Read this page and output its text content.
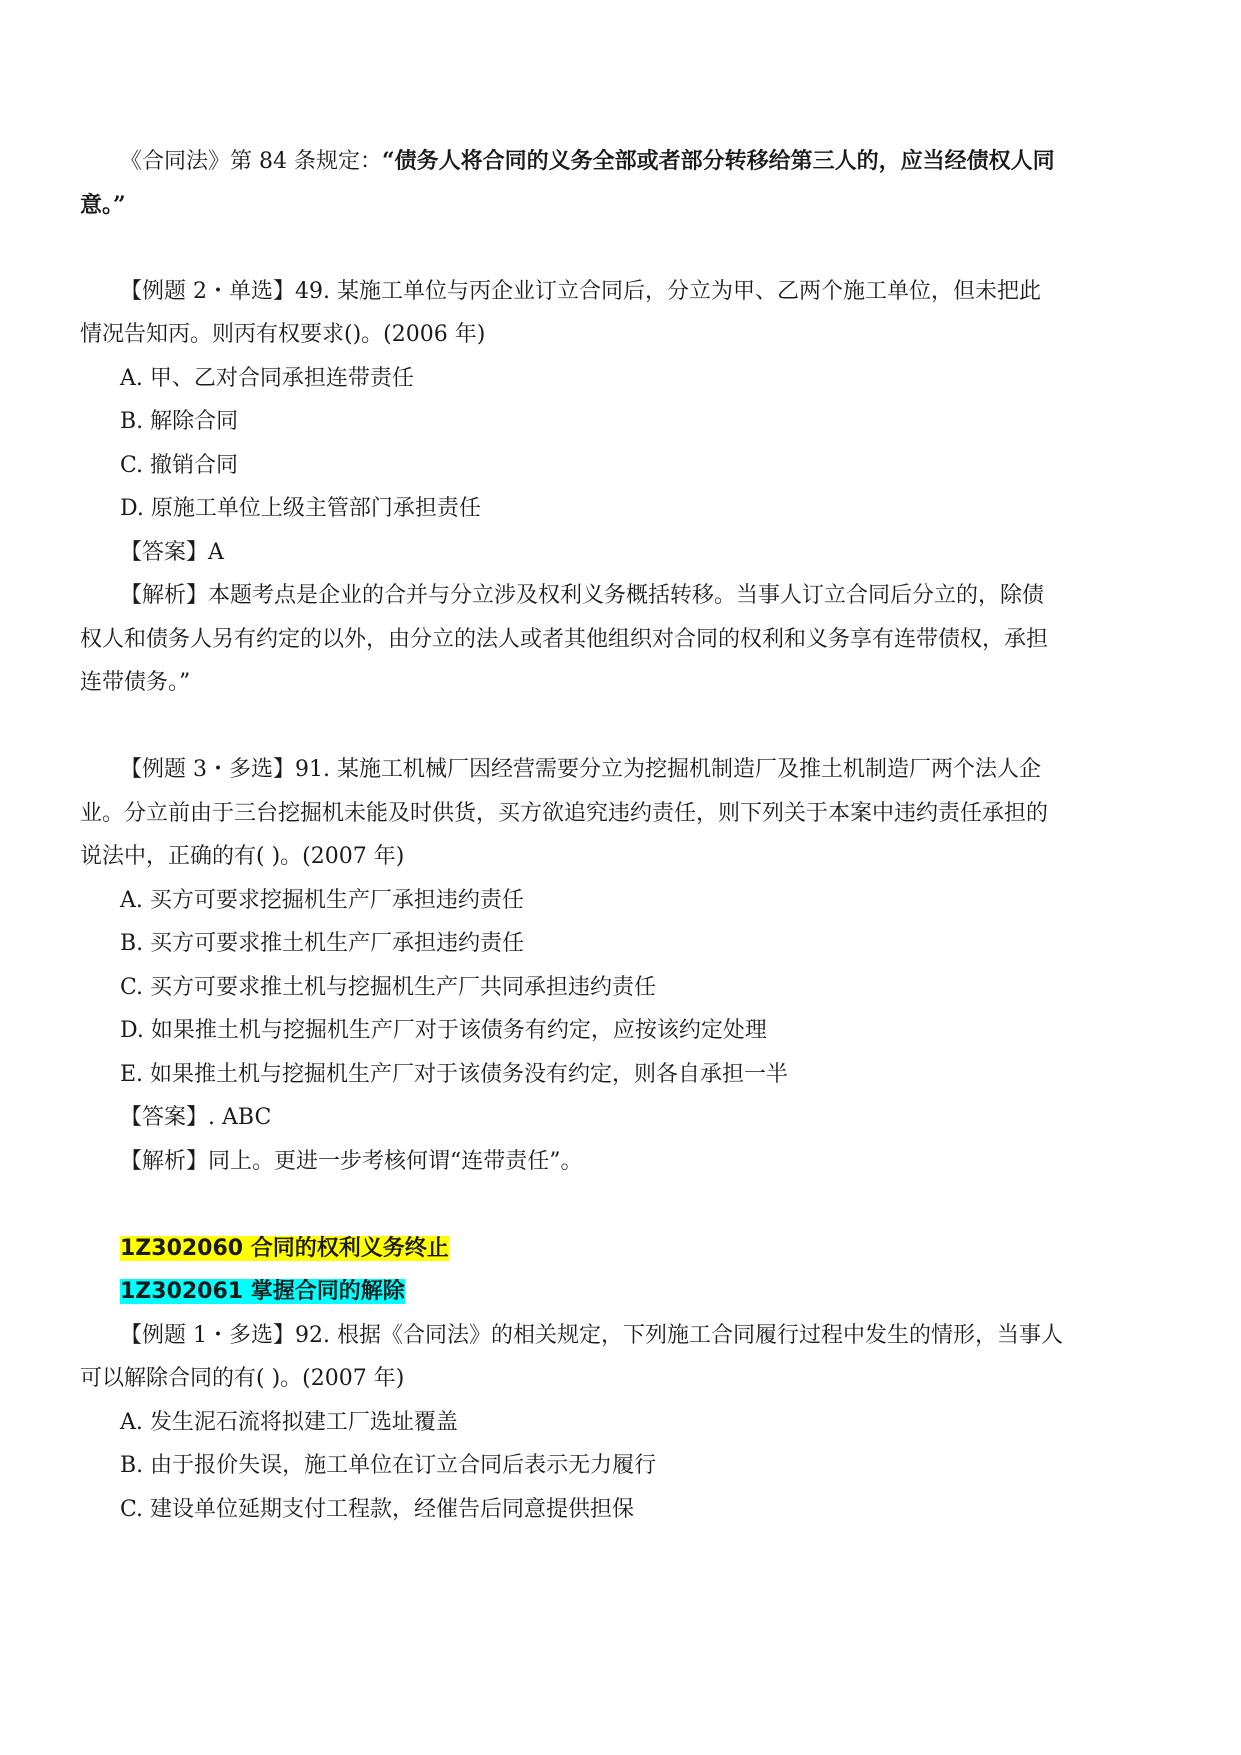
《合同法》第 84 条规定：“债务人将合同的义务全部或者部分转移给第三人的，应当经债权人同
意。”
【例题 2・单选】49. 某施工单位与丙企业订立合同后，分立为甲、乙两个施工单位，但未把此
情况告知丙。则丙有权要求()。(2006 年)
A. 甲、乙对合同承担连带责任
B. 解除合同
C. 撤销合同
D. 原施工单位上级主管部门承担责任
【答案】A
【解析】本题考点是企业的合并与分立涉及权利义务概括转移。当事人订立合同后分立的，除债
权人和债务人另有约定的以外，由分立的法人或者其他组织对合同的权利和义务享有连带债权，承担
连带债务。”
【例题 3・多选】91. 某施工机械厂因经营需要分立为挖掘机制造厂及推土机制造厂两个法人企
业。分立前由于三台挖掘机未能及时供货，买方欲追究违约责任，则下列关于本案中违约责任承担的
说法中，正确的有( )。(2007 年)
A. 买方可要求挖掘机生产厂承担违约责任
B. 买方可要求推土机生产厂承担违约责任
C. 买方可要求推土机与挖掘机生产厂共同承担违约责任
D. 如果推土机与挖掘机生产厂对于该债务有约定，应按该约定处理
E. 如果推土机与挖掘机生产厂对于该债务没有约定，则各自承担一半
【答案】. ABC
【解析】同上。更进一步考核何谓“连带责任”。
1Z302060 合同的权利义务终止
1Z302061 掌握合同的解除
【例题 1・多选】92. 根据《合同法》的相关规定，下列施工合同履行过程中发生的情形，当事人
可以解除合同的有( )。(2007 年)
A. 发生泥石流将拟建工厂选址覆盖
B. 由于报价失误，施工单位在订立合同后表示无力履行
C. 建设单位延期支付工程款，经催告后同意提供担保
